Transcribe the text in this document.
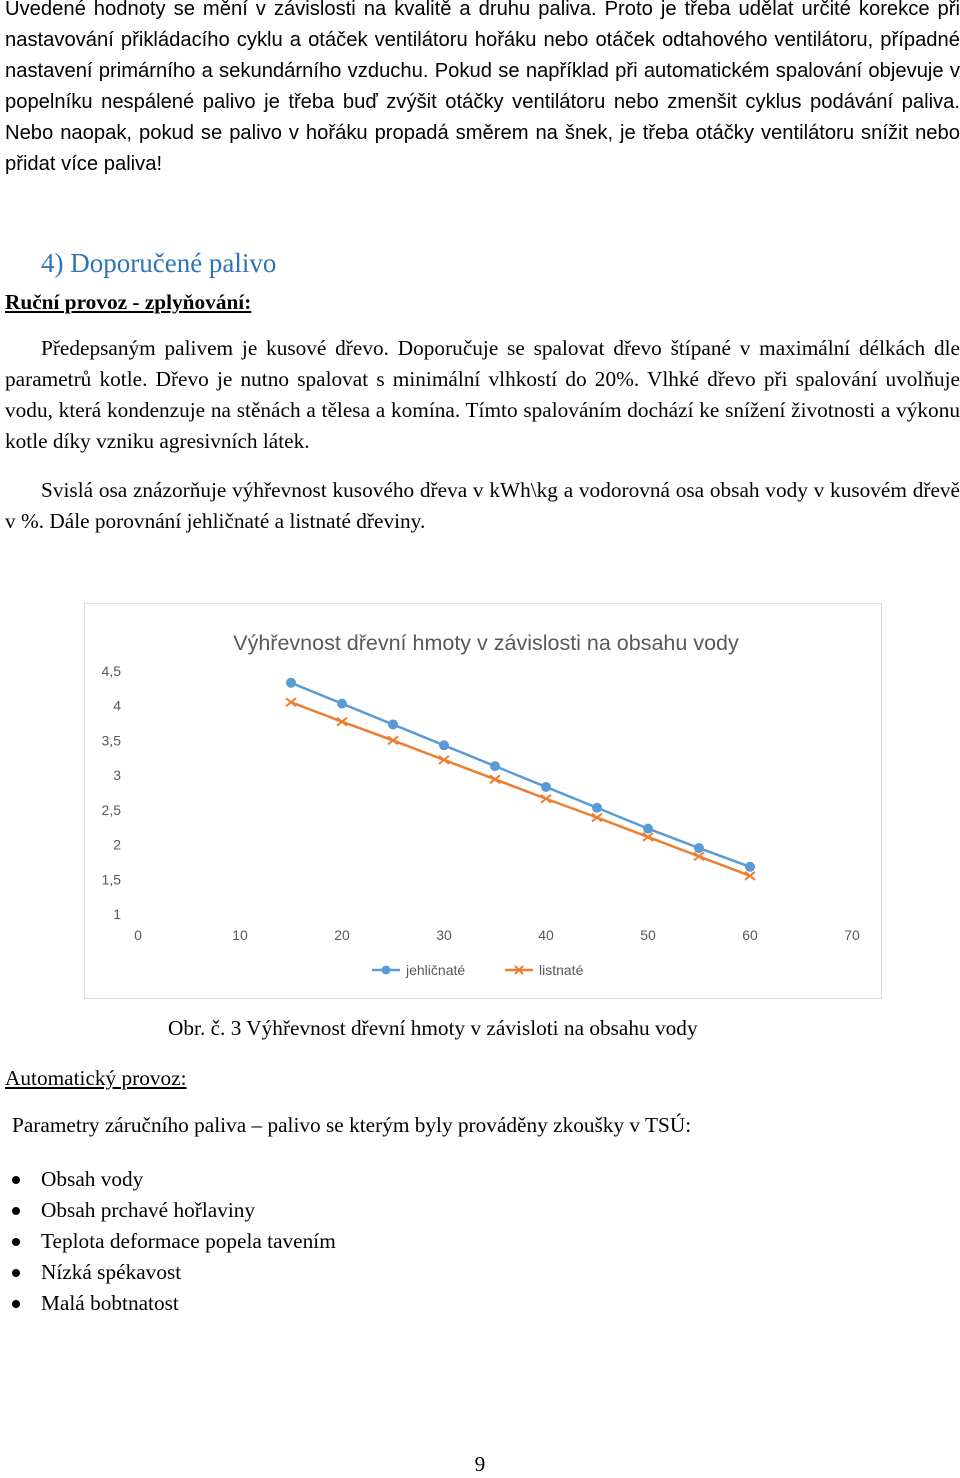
Uvedené hodnoty se mění v závislosti na kvalitě a druhu paliva. Proto je třeba udělat určité korekce při nastavování přikládacího cyklu a otáček ventilátoru hořáku nebo otáček odtahového ventilátoru, případné nastavení primárního a sekundárního vzduchu. Pokud se například při automatickém spalování objevuje v popelníku nespálené palivo je třeba buď zvýšit otáčky ventilátoru nebo zmenšit cyklus podávání paliva. Nebo naopak, pokud se palivo v hořáku propadá směrem na šnek, je třeba otáčky ventilátoru snížit nebo přidat více paliva!

4) Doporučené palivo

Ruční provoz - zplyňování:

Předepsaným palivem je kusové dřevo. Doporučuje se spalovat dřevo štípané v maximální délkách dle parametrů kotle. Dřevo je nutno spalovat s minimální vlhkostí do 20%. Vlhké dřevo při spalování uvolňuje vodu, která kondenzuje na stěnách a tělesa a komína. Tímto spalováním dochází ke snížení životnosti a výkonu kotle díky vzniku agresivních látek.

Svislá osa znázorňuje výhřevnost kusového dřeva v kWh\kg a vodorovná osa obsah vody v kusovém dřevě v %. Dále porovnání jehličnaté a listnaté dřeviny.

Výhřevnost dřevní hmoty v závislosti na obsahu vody
1
1,5
2
2,5
3
3,5
4
4,5
0	10	20	30	40	50	60	70
jehličnaté	listnaté
Obr. č. 3 Výhřevnost dřevní hmoty v závisloti na obsahu vody
Automatický provoz:
Parametry záručního paliva – palivo se kterým byly prováděny zkoušky v TSÚ:
Obsah vody
Obsah prchavé hořlaviny
Teplota deformace popela tavením
Nízká spékavost
Malá bobtnatost
9
